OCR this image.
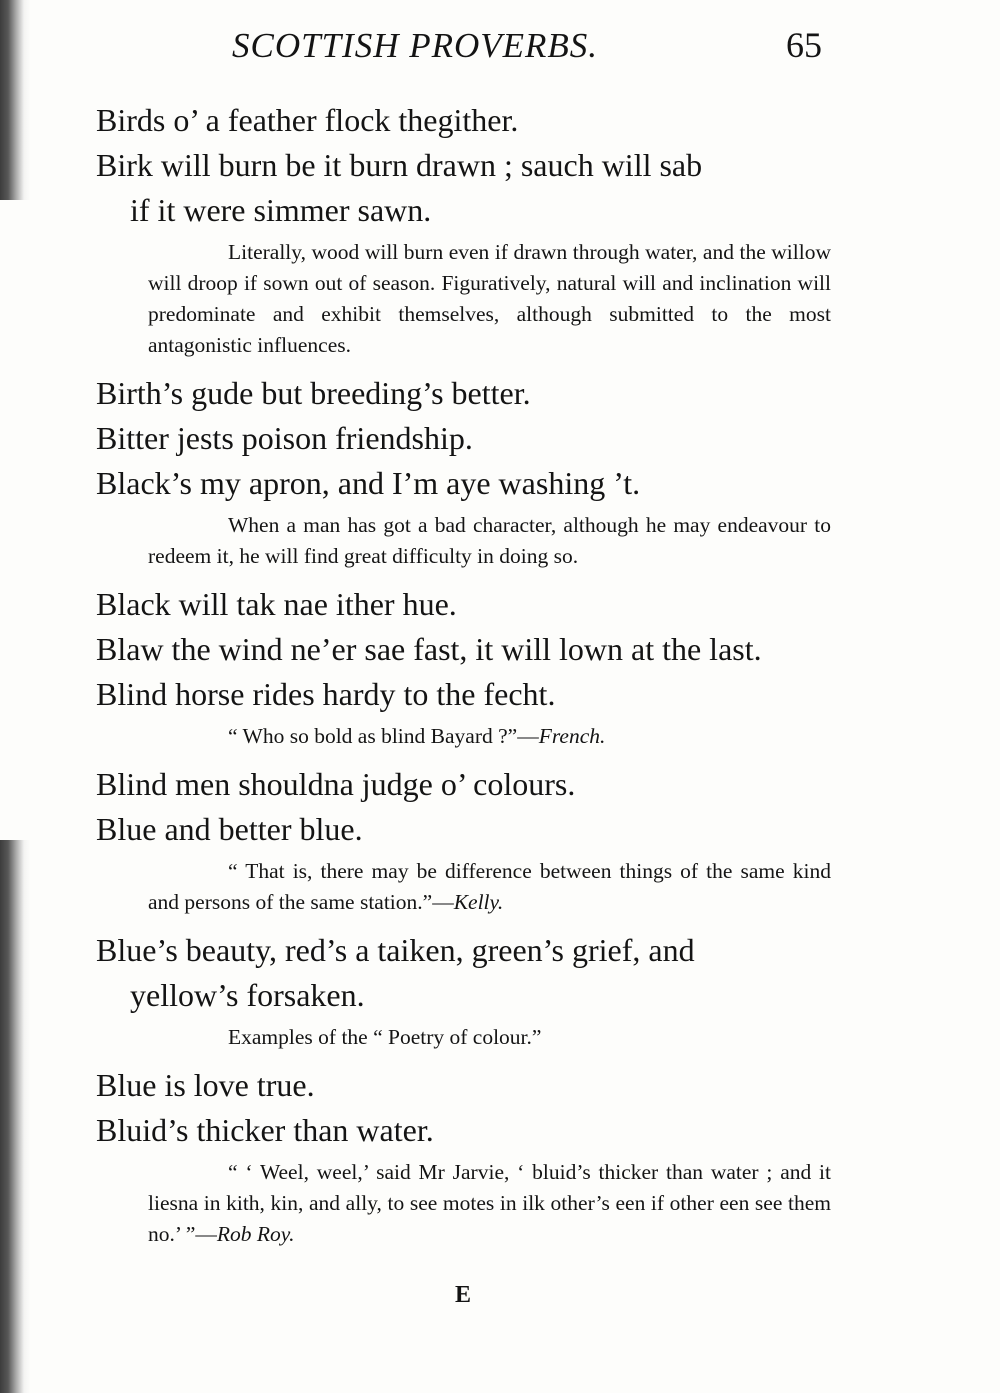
SCOTTISH PROVERBS.	65

Birds o’ a feather flock thegither.

Birk will burn be it burn drawn ; sauch will sab
if it were simmer sawn.

Literally, wood will burn even if drawn through water, and the willow will droop if sown out of season. Figuratively, natural will and inclination will predominate and exhibit themselves, although submitted to the most antagonistic influences.

Birth’s gude but breeding’s better.

Bitter jests poison friendship.

Black’s my apron, and I’m aye washing ’t.

When a man has got a bad character, although he may endeavour to redeem it, he will find great difficulty in doing so.

Black will tak nae ither hue.

Blaw the wind ne’er sae fast, it will lown at the last.

Blind horse rides hardy to the fecht.

“ Who so bold as blind Bayard ?”—French.

Blind men shouldna judge o’ colours.

Blue and better blue.

“ That is, there may be difference between things of the same kind and persons of the same station.”—Kelly.

Blue’s beauty, red’s a taiken, green’s grief, and
yellow’s forsaken.

Examples of the “ Poetry of colour.”

Blue is love true.

Bluid’s thicker than water.

“ ‘ Weel, weel,’ said Mr Jarvie, ‘ bluid’s thicker than water ; and it liesna in kith, kin, and ally, to see motes in ilk other’s een if other een see them no.’ ”—Rob Roy.

E
